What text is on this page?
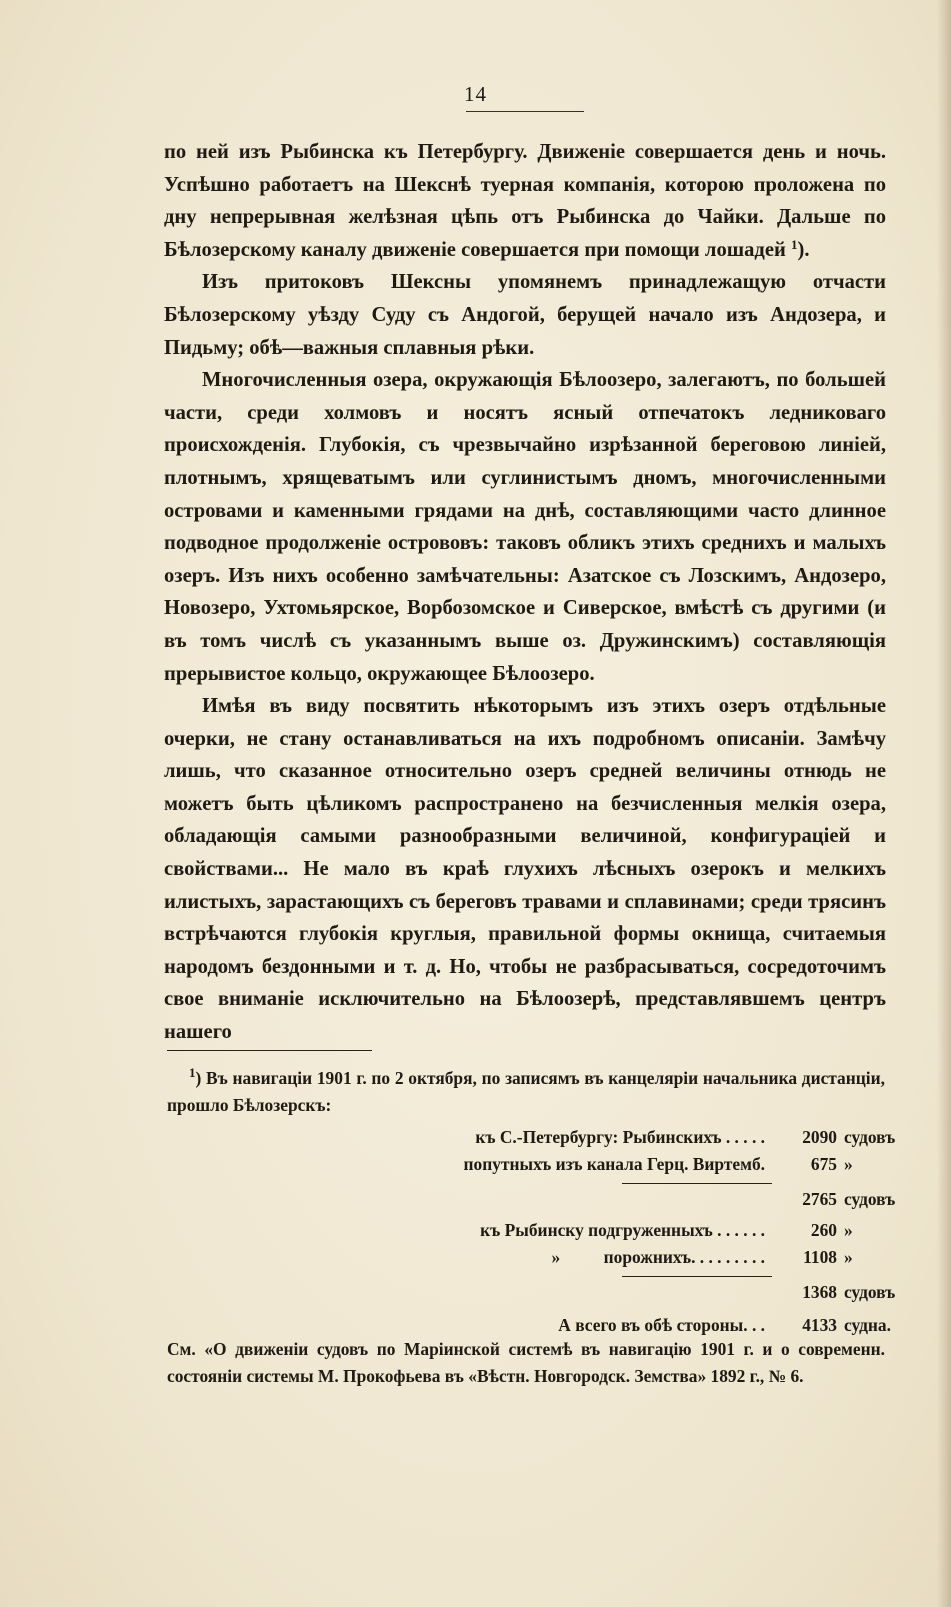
14

по ней изъ Рыбинска къ Петербургу. Движеніе совершается день и ночь. Успѣшно работаетъ на Шекснѣ туерная компанія, которою проложена по дну непрерывная желѣзная цѣпь отъ Рыбинска до Чайки. Дальше по Бѣлозерскому каналу движеніе совершается при помощи лошадей $^1$).

Изъ притоковъ Шексны упомянемъ принадлежащую отчасти Бѣлозерскому уѣзду Суду съ Андогой, берущей начало изъ Андозера, и Пидьму; обѣ—важныя сплавныя рѣки.

Многочисленныя озера, окружающія Бѣлоозеро, залегаютъ, по большей части, среди холмовъ и носятъ ясный отпечатокъ ледниковаго происхожденія. Глубокія, съ чрезвычайно изрѣзанной береговою линіей, плотнымъ, хрящеватымъ или суглинистымъ дномъ, многочисленными островами и каменными грядами на днѣ, составляющими часто длинное подводное продолженіе острововъ: таковъ обликъ этихъ среднихъ и малыхъ озеръ. Изъ нихъ особенно замѣчательны: Азатское съ Лозскимъ, Андозеро, Новозеро, Ухтомьярское, Ворбозомское и Сиверское, вмѣстѣ съ другими (и въ томъ числѣ съ указаннымъ выше оз. Дружинскимъ) составляющія прерывистое кольцо, окружающее Бѣлоозеро.

Имѣя въ виду посвятить нѣкоторымъ изъ этихъ озеръ отдѣльные очерки, не стану останавливаться на ихъ подробномъ описаніи. Замѣчу лишь, что сказанное относительно озеръ средней величины отнюдь не можетъ быть цѣликомъ распространено на безчисленныя мелкія озера, обладающія самыми разнообразными величиной, конфигураціей и свойствами... Не мало въ краѣ глухихъ лѣсныхъ озерокъ и мелкихъ илистыхъ, зарастающихъ съ береговъ травами и сплавинами; среди трясинъ встрѣчаются глубокія круглыя, правильной формы окнища, считаемыя народомъ бездонными и т. д. Но, чтобы не разбрасываться, сосредоточимъ свое вниманіе исключительно на Бѣлоозерѣ, представлявшемъ центръ нашего

$^1$) Въ навигаціи 1901 г. по 2 октября, по записямъ въ канцеляріи начальника дистанціи, прошло Бѣлозерскъ:

къ С.-Петербургу: Рыбинскихъ . . . . .	2090 судовъ
попутныхъ изъ канала Герц. Виртемб.	675 »
2765 судовъ
къ Рыбинску подгруженныхъ . . . . . .	260 »
»          порожнихъ. . . . . . . . .	1108 »
1368 судовъ
А всего въ обѣ стороны. . .	4133 судна.

См. «О движеніи судовъ по Маріинской системѣ въ навигацію 1901 г. и о современн. состояніи системы М. Прокофьева въ «Вѣстн. Новгородск. Земства» 1892 г., № 6.
